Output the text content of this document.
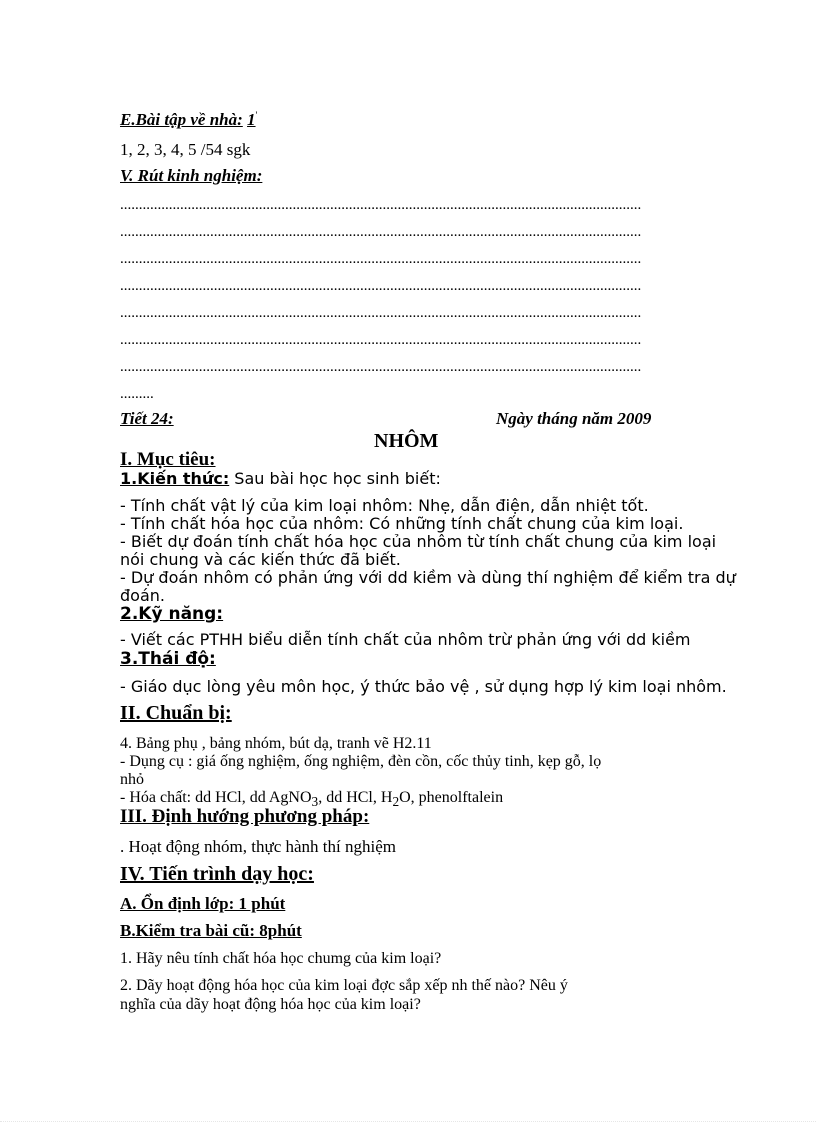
E.Bài tập về nhà: 1'
1, 2, 3, 4, 5 /54 sgk
V. Rút kinh nghiệm:
...........................................................................................................................................
...........................................................................................................................................
...........................................................................................................................................
...........................................................................................................................................
...........................................................................................................................................
...........................................................................................................................................
...........................................................................................................................................
.........
Tiết 24:	Ngày tháng năm 2009
NHÔM
I. Mục tiêu:
1.Kiến thức: Sau bài học học sinh biết:
- Tính chất vật lý của kim loại nhôm: Nhẹ, dẫn điện, dẫn nhiệt tốt.
- Tính chất hóa học của nhôm: Có những tính chất chung của kim loại.
- Biết dự đoán tính chất hóa học của nhôm từ tính chất chung của kim loại
nói chung và các kiến thức đã biết.
- Dự đoán nhôm có phản ứng với dd kiềm và dùng thí nghiệm để kiểm tra dự
đoán.
2.Kỹ năng:
- Viết các PTHH biểu diễn tính chất của nhôm trừ phản ứng với dd kiềm
3.Thái độ:
- Giáo dục lòng yêu môn học, ý thức bảo vệ , sử dụng hợp lý kim loại nhôm.
II. Chuẩn bị:
4. Bảng phụ , bảng nhóm, bút dạ, tranh vẽ H2.11
- Dụng cụ : giá ống nghiệm, ống nghiệm, đèn cồn, cốc thủy tinh, kẹp gỗ, lọ
nhỏ
- Hóa chất: dd HCl, dd AgNO$_3$, dd HCl, $H_2O$, phenolftalein
III. Định hướng phương pháp:
. Hoạt động nhóm, thực hành thí nghiệm
IV. Tiến trình dạy học:
A. Ổn định lớp: 1 phút
B.Kiểm tra bài cũ: 8phút
1. Hãy nêu tính chất hóa học chumg của kim loại?
2. Dãy hoạt động hóa học của kim loại đợc sắp xếp nh thế nào? Nêu ý
nghĩa của dãy hoạt động hóa học của kim loại?
